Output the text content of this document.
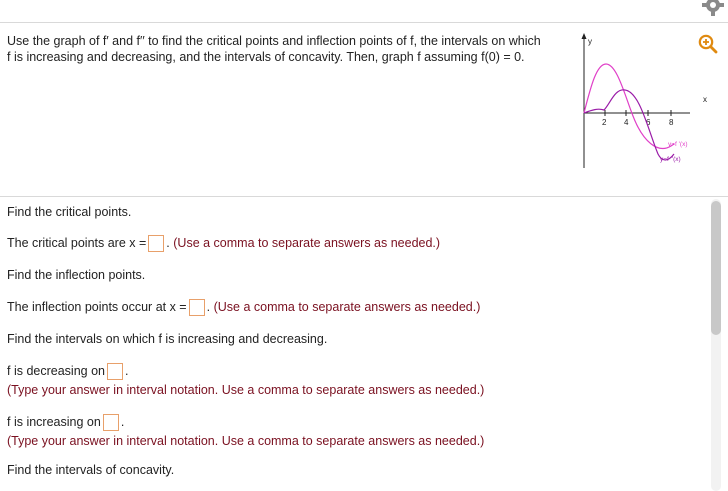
Use the graph of f′ and f′′ to find the critical points and inflection points of f, the intervals on which f is increasing and decreasing, and the intervals of concavity. Then, graph f assuming f(0) = 0.
y
x
2 4 6 8
y=f '(x)
y=f ''(x)
Find the critical points.
The critical points are x = . (Use a comma to separate answers as needed.)
Find the inflection points.
The inflection points occur at x = . (Use a comma to separate answers as needed.)
Find the intervals on which f is increasing and decreasing.
f is decreasing on .
(Type your answer in interval notation. Use a comma to separate answers as needed.)
f is increasing on .
(Type your answer in interval notation. Use a comma to separate answers as needed.)
Find the intervals of concavity.
